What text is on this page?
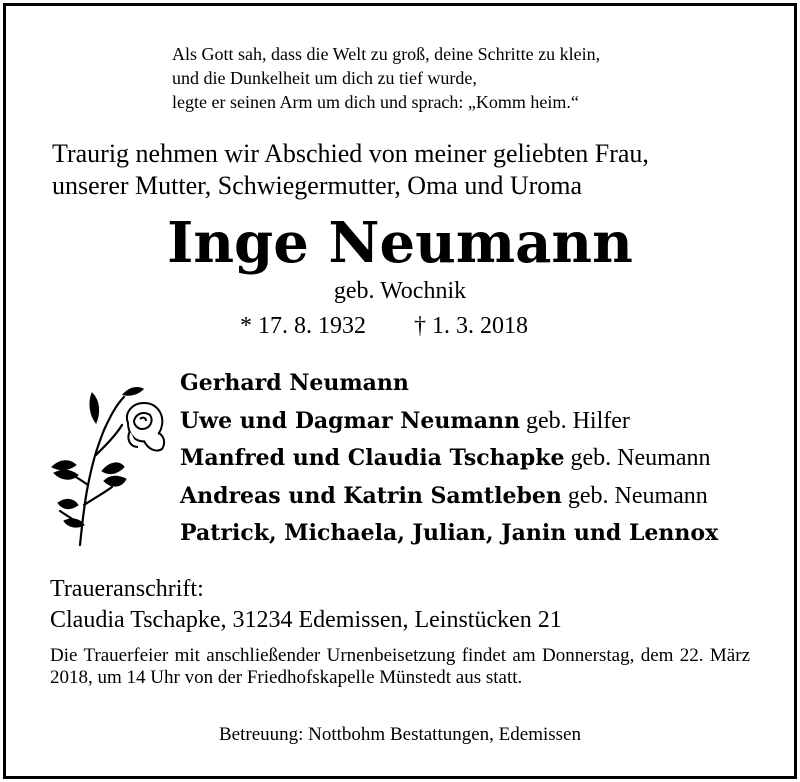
Als Gott sah, dass die Welt zu groß, deine Schritte zu klein,
und die Dunkelheit um dich zu tief wurde,
legte er seinen Arm um dich und sprach: „Komm heim.“
Traurig nehmen wir Abschied von meiner geliebten Frau,
unserer Mutter, Schwiegermutter, Oma und Uroma
Inge Neumann
geb. Wochnik
* 17. 8. 1932 † 1. 3. 2018
Gerhard Neumann
Uwe und Dagmar Neumann geb. Hilfer
Manfred und Claudia Tschapke geb. Neumann
Andreas und Katrin Samtleben geb. Neumann
Patrick, Michaela, Julian, Janin und Lennox
Traueranschrift:
Claudia Tschapke, 31234 Edemissen, Leinstücken 21
Die Trauerfeier mit anschließender Urnenbeisetzung findet am Donnerstag, dem 22. März 2018, um 14 Uhr von der Friedhofskapelle Münstedt aus statt.
Betreuung: Nottbohm Bestattungen, Edemissen
